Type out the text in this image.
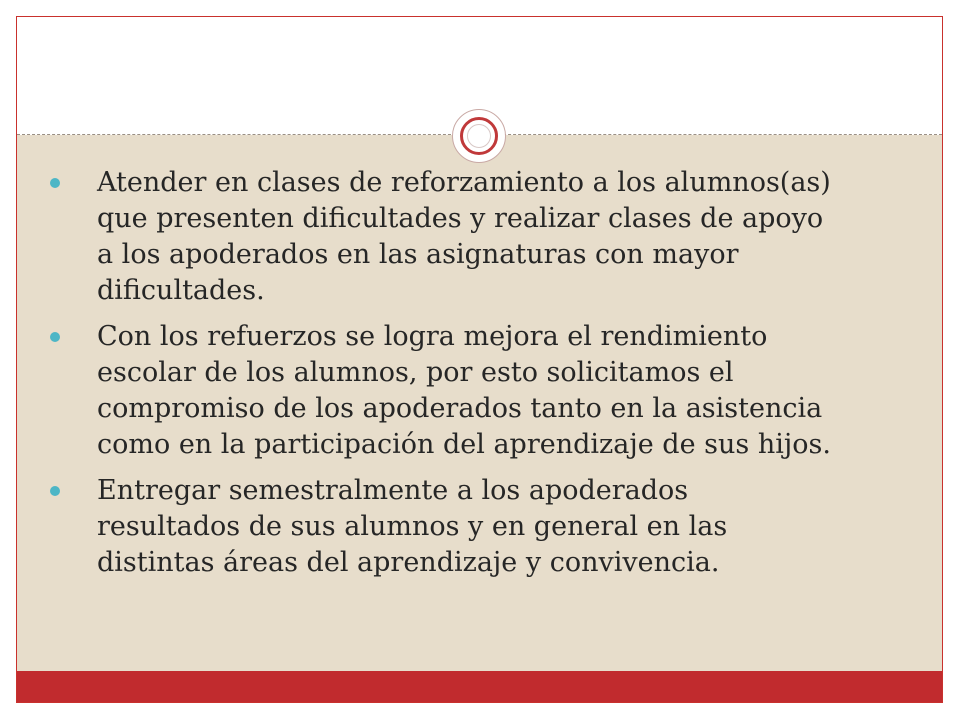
Atender en clases de reforzamiento a los alumnos(as)
que presenten dificultades y realizar clases de apoyo
a los apoderados en las asignaturas con mayor
dificultades.
Con los refuerzos se logra mejora el rendimiento
escolar de los alumnos, por esto solicitamos el
compromiso de los apoderados tanto en la asistencia
como en la participación del aprendizaje de sus hijos.
Entregar semestralmente a los apoderados
resultados de sus alumnos y en general en las
distintas áreas del aprendizaje y convivencia.
